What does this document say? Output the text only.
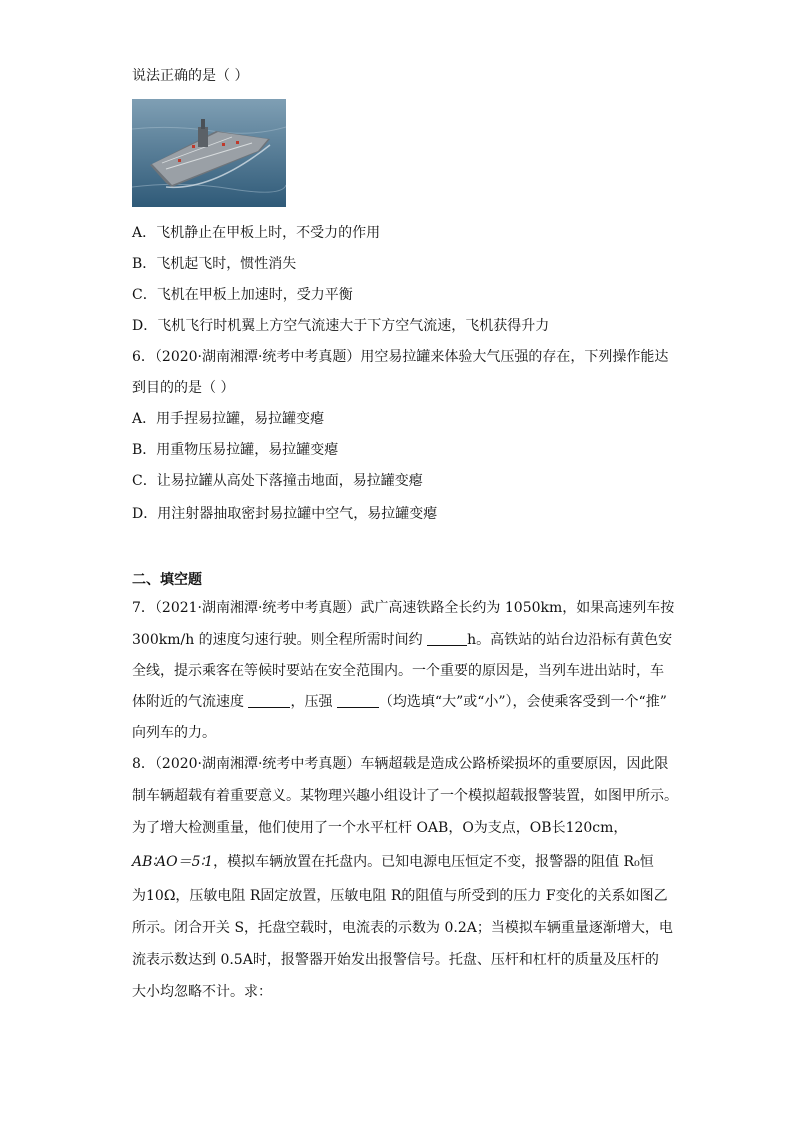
说法正确的是（ ）
A．飞机静止在甲板上时，不受力的作用
B．飞机起飞时，惯性消失
C．飞机在甲板上加速时，受力平衡
D．飞机飞行时机翼上方空气流速大于下方空气流速，飞机获得升力
6．（2020·湖南湘潭·统考中考真题）用空易拉罐来体验大气压强的存在，下列操作能达
到目的的是（ ）
A．用手捏易拉罐，易拉罐变瘪
B．用重物压易拉罐，易拉罐变瘪
C．让易拉罐从高处下落撞击地面，易拉罐变瘪
D．用注射器抽取密封易拉罐中空气，易拉罐变瘪
二、填空题
7．（2021·湖南湘潭·统考中考真题）武广高速铁路全长约为 1050km，如果高速列车按
300km/h 的速度匀速行驶。则全程所需时间约	h。高铁站的站台边沿标有黄色安
全线，提示乘客在等候时要站在安全范围内。一个重要的原因是，当列车进出站时，车
体附近的气流速度	，压强	（均选填“大”或“小”），会使乘客受到一个“推”
向列车的力。
8．（2020·湖南湘潭·统考中考真题）车辆超载是造成公路桥梁损坏的重要原因，因此限
制车辆超载有着重要意义。某物理兴趣小组设计了一个模拟超载报警装置，如图甲所示。
为了增大检测重量，他们使用了一个水平杠杆 OAB，O为支点，OB长120cm，
AB∶AO＝5∶1，模拟车辆放置在托盘内。已知电源电压恒定不变，报警器的阻值 R₀恒
为10Ω，压敏电阻 R固定放置，压敏电阻 R的阻值与所受到的压力 F变化的关系如图乙
所示。闭合开关 S，托盘空载时，电流表的示数为 0.2A；当模拟车辆重量逐渐增大，电
流表示数达到 0.5A时，报警器开始发出报警信号。托盘、压杆和杠杆的质量及压杆的
大小均忽略不计。求：
